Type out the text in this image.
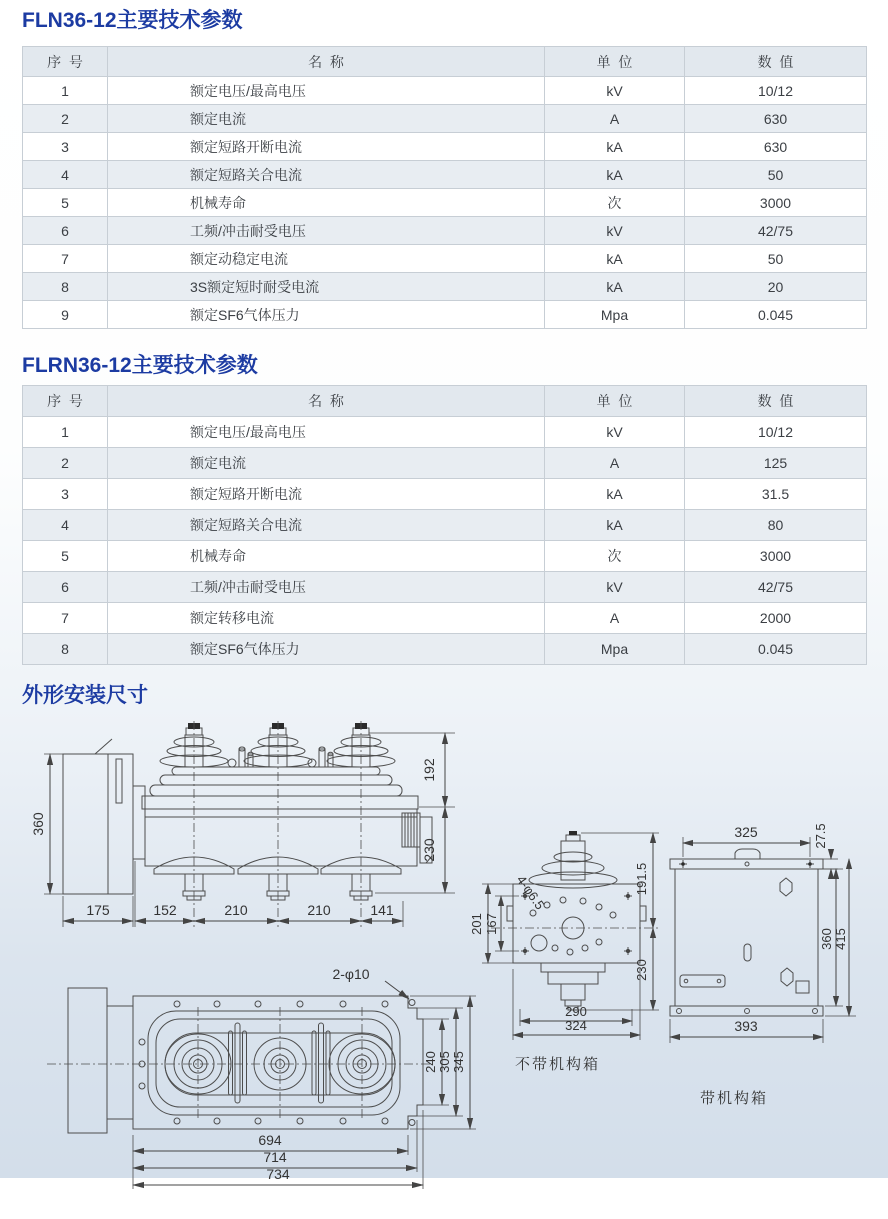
FLN36-12主要技术参数
序  号	名  称	单  位	数  值
1	额定电压/最高电压	kV	10/12
2	额定电流	A	630
3	额定短路开断电流	kA	630
4	额定短路关合电流	kA	50
5	机械寿命	次	3000
6	工频/冲击耐受电压	kV	42/75
7	额定动稳定电流	kA	50
8	3S额定短时耐受电流	kA	20
9	额定SF6气体压力	Mpa	0.045
FLRN36-12主要技术参数
序  号	名  称	单  位	数  值
1	额定电压/最高电压	kV	10/12
2	额定电流	A	125
3	额定短路开断电流	kA	31.5
4	额定短路关合电流	kA	80
5	机械寿命	次	3000
6	工频/冲击耐受电压	kV	42/75
7	额定转移电流	A	2000
8	额定SF6气体压力	Mpa	0.045
外形安装尺寸
360
192
230
175	152	210	210	141
2-φ10
240 305 345
694
714
734
4-φ6.5
201 167
191.5
230
290
324
325	27.5
360 415
393
不带机构箱
带机构箱
